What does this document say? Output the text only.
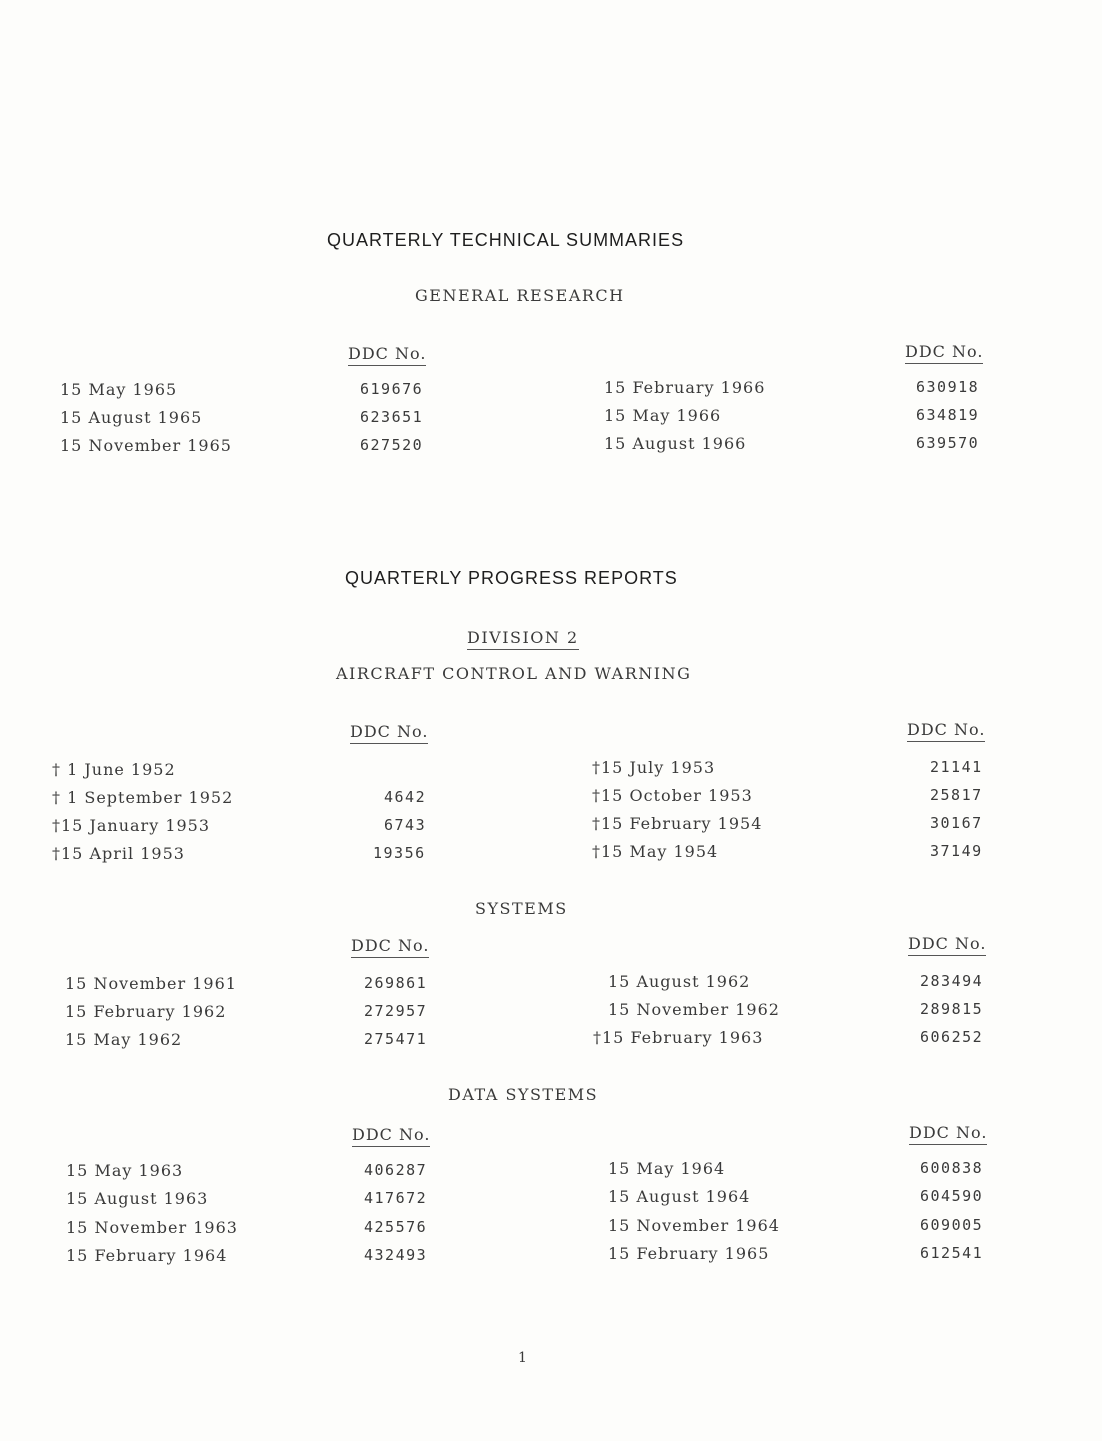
QUARTERLY TECHNICAL SUMMARIES
GENERAL RESEARCH
DDC No.	DDC No.
15 May 1965	619676
15 August 1965	623651
15 November 1965	627520
15 February 1966	630918
15 May 1966	634819
15 August 1966	639570
QUARTERLY PROGRESS REPORTS
DIVISION 2
AIRCRAFT CONTROL AND WARNING
DDC No.	DDC No.
† 1 June 1952
† 1 September 1952	4642
†15 January 1953	6743
†15 April 1953	19356
†15 July 1953	21141
†15 October 1953	25817
†15 February 1954	30167
†15 May 1954	37149
SYSTEMS
DDC No.	DDC No.
15 November 1961	269861
15 February 1962	272957
15 May 1962	275471
15 August 1962	283494
15 November 1962	289815
†15 February 1963	606252
DATA SYSTEMS
DDC No.	DDC No.
15 May 1963	406287
15 August 1963	417672
15 November 1963	425576
15 February 1964	432493
15 May 1964	600838
15 August 1964	604590
15 November 1964	609005
15 February 1965	612541
1
